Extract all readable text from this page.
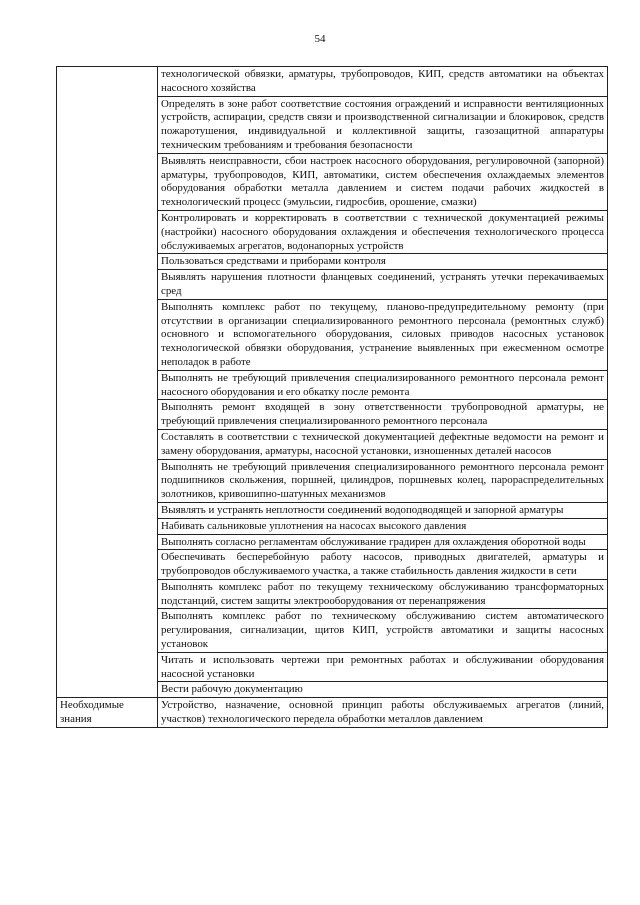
54
	технологической обвязки, арматуры, трубопроводов, КИП, средств автоматики на объектах насосного хозяйства
	Определять в зоне работ соответствие состояния ограждений и исправности вентиляционных устройств, аспирации, средств связи и производственной сигнализации и блокировок, средств пожаротушения, индивидуальной и коллективной защиты, газозащитной аппаратуры техническим требованиям и требования безопасности
	Выявлять неисправности, сбои настроек насосного оборудования, регулировочной (запорной) арматуры, трубопроводов, КИП, автоматики, систем обеспечения охлаждаемых элементов оборудования обработки металла давлением и систем подачи рабочих жидкостей в технологический процесс (эмульсии, гидросбив, орошение, смазки)
	Контролировать и корректировать в соответствии с технической документацией режимы (настройки) насосного оборудования охлаждения и обеспечения технологического процесса обслуживаемых агрегатов, водонапорных устройств
	Пользоваться средствами и приборами контроля
	Выявлять нарушения плотности фланцевых соединений, устранять утечки перекачиваемых сред
	Выполнять комплекс работ по текущему, планово-предупредительному ремонту (при отсутствии в организации специализированного ремонтного персонала (ремонтных служб) основного и вспомогательного оборудования, силовых приводов насосных установок технологической обвязки оборудования, устранение выявленных при ежесменном осмотре неполадок в работе
	Выполнять не требующий привлечения специализированного ремонтного персонала ремонт насосного оборудования и его обкатку после ремонта
	Выполнять ремонт входящей в зону ответственности трубопроводной арматуры, не требующий привлечения специализированного ремонтного персонала
	Составлять в соответствии с технической документацией дефектные ведомости на ремонт и замену оборудования, арматуры, насосной установки, изношенных деталей насосов
	Выполнять не требующий привлечения специализированного ремонтного персонала ремонт подшипников скольжения, поршней, цилиндров, поршневых колец, парораспределительных золотников, кривошипно-шатунных механизмов
	Выявлять и устранять неплотности соединений водоподводящей и запорной арматуры
	Набивать сальниковые уплотнения на насосах высокого давления
	Выполнять согласно регламентам обслуживание градирен для охлаждения оборотной воды
	Обеспечивать бесперебойную работу насосов, приводных двигателей, арматуры и трубопроводов обслуживаемого участка, а также стабильность давления жидкости в сети
	Выполнять комплекс работ по текущему техническому обслуживанию трансформаторных подстанций, систем защиты электрооборудования от перенапряжения
	Выполнять комплекс работ по техническому обслуживанию систем автоматического регулирования, сигнализации, щитов КИП, устройств автоматики и защиты насосных установок
	Читать и использовать чертежи при ремонтных работах и обслуживании оборудования насосной установки
	Вести рабочую документацию
Необходимые знания	Устройство, назначение, основной принцип работы обслуживаемых агрегатов (линий, участков) технологического передела обработки металлов давлением
